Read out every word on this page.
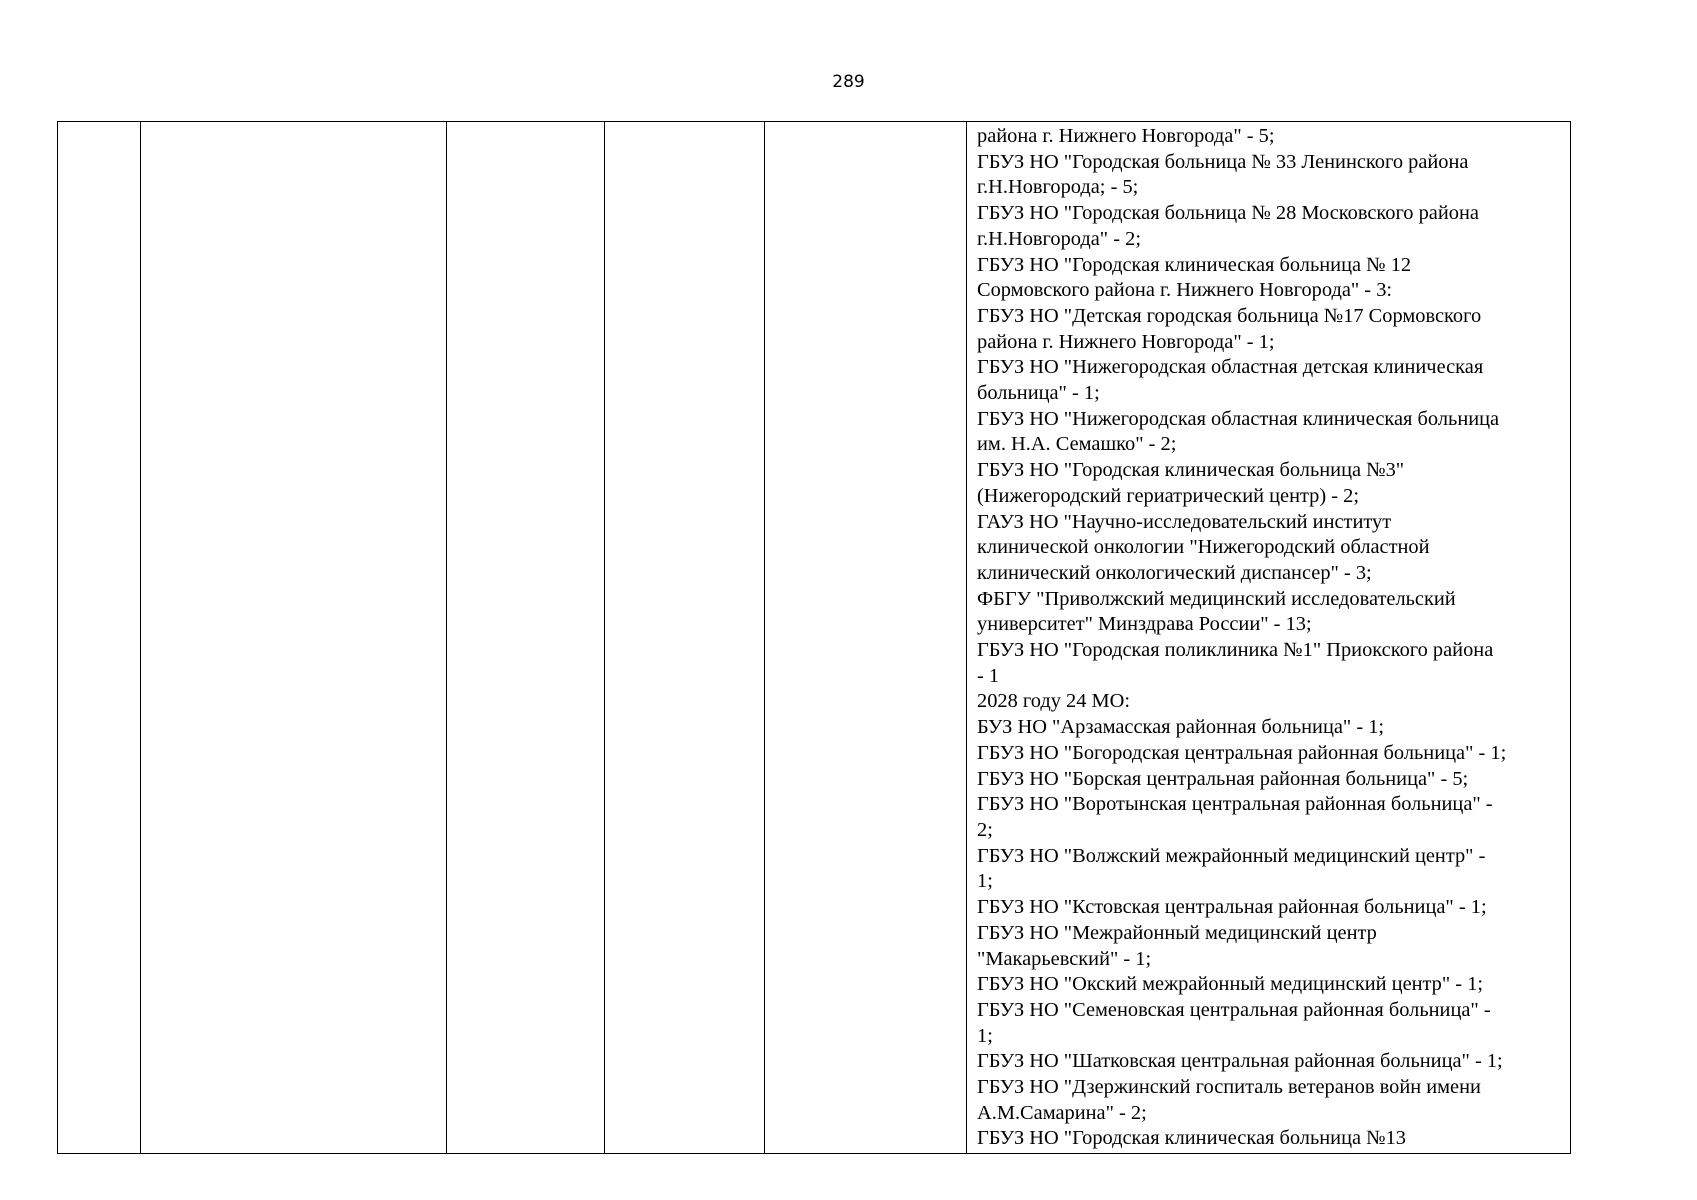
289

района г. Нижнего Новгорода" - 5;
ГБУЗ НО "Городская больница № 33 Ленинского района
г.Н.Новгорода; - 5;
ГБУЗ НО "Городская больница № 28 Московского района
г.Н.Новгорода" - 2;
ГБУЗ НО "Городская клиническая больница № 12
Сормовского района г. Нижнего Новгорода" - 3:
ГБУЗ НО "Детская городская больница №17 Сормовского
района г. Нижнего Новгорода" - 1;
ГБУЗ НО "Нижегородская областная детская клиническая
больница" - 1;
ГБУЗ НО "Нижегородская областная клиническая больница
им. Н.А. Семашко" - 2;
ГБУЗ НО "Городская клиническая больница №3"
(Нижегородский гериатрический центр) - 2;
ГАУЗ НО "Научно-исследовательский институт
клинической онкологии "Нижегородский областной
клинический онкологический диспансер" - 3;
ФБГУ "Приволжский медицинский исследовательский
университет" Минздрава России" - 13;
ГБУЗ НО "Городская поликлиника №1" Приокского района
- 1
2028 году 24 МО:
БУЗ НО "Арзамасская районная больница" - 1;
ГБУЗ НО "Богородская центральная районная больница" - 1;
ГБУЗ НО "Борская центральная районная больница" - 5;
ГБУЗ НО "Воротынская центральная районная больница" -
2;
ГБУЗ НО "Волжский межрайонный медицинский центр" -
1;
ГБУЗ НО "Кстовская центральная районная больница" - 1;
ГБУЗ НО "Межрайонный медицинский центр
"Макарьевский" - 1;
ГБУЗ НО "Окский межрайонный медицинский центр" - 1;
ГБУЗ НО "Семеновская центральная районная больница" -
1;
ГБУЗ НО "Шатковская центральная районная больница" - 1;
ГБУЗ НО "Дзержинский госпиталь ветеранов войн имени
А.М.Самарина" - 2;
ГБУЗ НО "Городская клиническая больница №13
